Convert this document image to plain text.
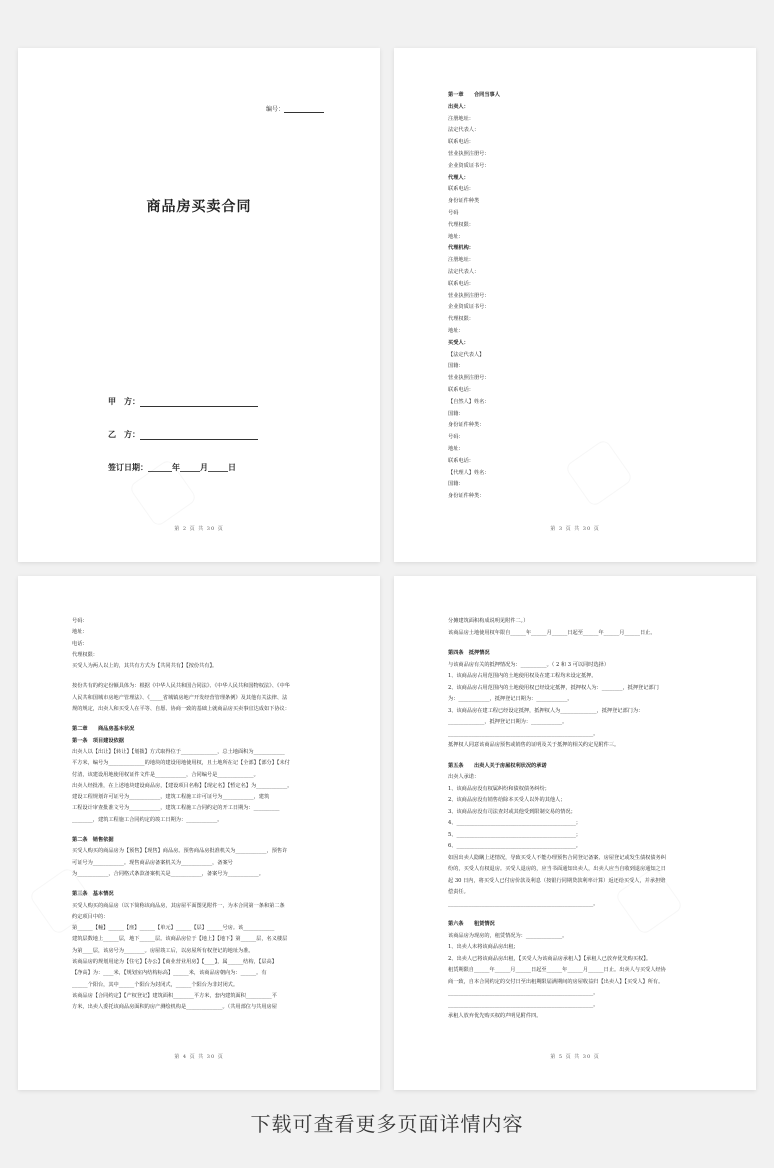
编号：
商品房买卖合同
甲　方：
乙　方：
签订日期：______年_____月_____日
第 2 页 共 30 页
第一章　　合同当事人
出卖人：
注册地址：
法定代表人：
联系电话：
营业执照注册号：
企业资质证书号：
代理人：
联系电话：
身份证件种类
号码
代理权限：
地址：
代理机构：
注册地址：
法定代表人：
联系电话：
营业执照注册号：
企业资质证书号：
代理权限：
地址：
买受人：
【法定代表人】
国籍：
营业执照注册号：
联系电话：
【自然人】姓名：
国籍：
身份证件种类：
号码：
地址：
联系电话：
【代理人】姓名：
国籍：
身份证件种类：
第 3 页 共 30 页
号码：
地址：
电话：
代理权限：
买受人为两人以上的，其共有方式为【共同共有】【按份共有】。
按份共有的约定份额具体为：根据《中华人民共和国合同法》、《中华人民共和国物权法》、《中华
人民共和国城市房地产管理法》、《_____省城镇房地产开发经营管理条例》及其他有关法律、法
规的规定，出卖人和买受人在平等、自愿、协商一致的基础上就商品房买卖事宜达成如下协议：
第二章　　商品房基本状况
第一条　项目建设依据
出卖人以【出让】【转让】【划拨】方式取得位于______________，总土地面积为____________
平方米，编号为______________的地块的建设用地使用权，且土地所在记【全部】【部分】【未付
付清，该建设用地使用权证件文件是____________，合同编号是______________。
出卖人经批准，在上述地块建设商品房，【建设项目名称】【现定名】【暂定名】为____________。
建设工程规划许可证号为____________，建筑工程施工许可证号为____________，建筑
工程设计审查批准文号为____________，建筑工程施工合同约定的开工日期为：__________
________，建筑工程施工合同约定的竣工日期为：____________。
第二条　销售依据
买受人购买的商品房为【预售】【现售】商品房。预售商品房批准机关为____________，预售许
可证号为____________。现售商品房备案机关为____________，备案号
为____________，合同格式条款备案机关是____________，备案号为____________。
第三条　基本情况
买受人购买的商品房（以下简称该商品房，其房屋平面图见附件一，为本合同第一条和第二条
约定项目中的：
第______【幢】______【座】______【单元】______【层】______号房。该____________
建筑层数地上______层，地下______层。该商品房位于【地上】【地下】第______层，名义楼层
为第____层，该房号为________。房屋竣工后，以房屋所有权登记的地址为准。
该商品房的规划用途为【住宅】【办公】【商业营业用房】【____】，属______结构，【层高】
【净高】为：____米，【规划室内结构标高】______米，该商品房朝向为：______。有
______个阳台，其中______个阳台为封闭式，______个阳台为非封闭式。
该商品房【合同约定】【产权登记】建筑面积________平方米，套内建筑面积__________平
方米，出卖人委托该商品房面积的房产测绘机构是______________。（共用部位与共用房屋
第 4 页 共 30 页
分摊建筑面积构成说明见附件二。）
该商品房土地使用权年限自______年______月______日起至______年______月______日止。
第四条　抵押情况
与该商品房有关的抵押情况为：__________。（ 2 和 3 可以同时选择）
1、该商品房占用范围内的土地使用权及在建工程均未设定抵押。
2、该商品房占用范围内的土地使用权已经设定抵押，抵押权人为：________，抵押登记部门
为：____________，抵押登记日期为：____________。
3、该商品房在建工程已经设定抵押，抵押权人为______________，抵押登记部门为：
______________，抵押登记日期为：____________。
________________________________________________________。
抵押权人同意该商品房预售或销售的证明及关于抵押的相关约定见附件三。
第五条　　出卖人关于房屋权利状况的承诺
出卖人承诺：
1、该商品房没有权属纠纷和债权债务纠纷；
2、该商品房没有销售给除本买受人以外的其他人；
3、该商品房没有司法查封或其他受到限制交易的情况；
4、______________________________________________；
5、______________________________________________；
6、______________________________________________。
如因出卖人隐瞒上述情况，导致买受人不能办理预售合同登记备案、房屋登记或发生债权债务纠
纷的，买受人有权退房。买受人退房的，应当书面通知出卖人，出卖人应当自收到退房通知之日
起 30 日内，将买受人已付房价款及利息（按银行同期贷款利率计算）返还给买受人，并承担赔
偿责任。
________________________________________________________。
第六条　　租赁情况
该商品房为现房的，租赁情况为：______________。
1、出卖人未将该商品房出租；
2、出卖人已将该商品房出租，【买受人为该商品房承租人】【承租人已放弃优先购买权】。
租赁期限自______年______月______日起至______年______月______日止。出卖人与买受人经协
商一致，自本合同约定的交付日至出租期限届满期间的房屋收益归【出卖人】【买受人】所有。
________________________________________________________。
________________________________________________________。
承租人放弃优先购买权的声明见附件四。
第 5 页 共 30 页
下载可查看更多页面详情内容
